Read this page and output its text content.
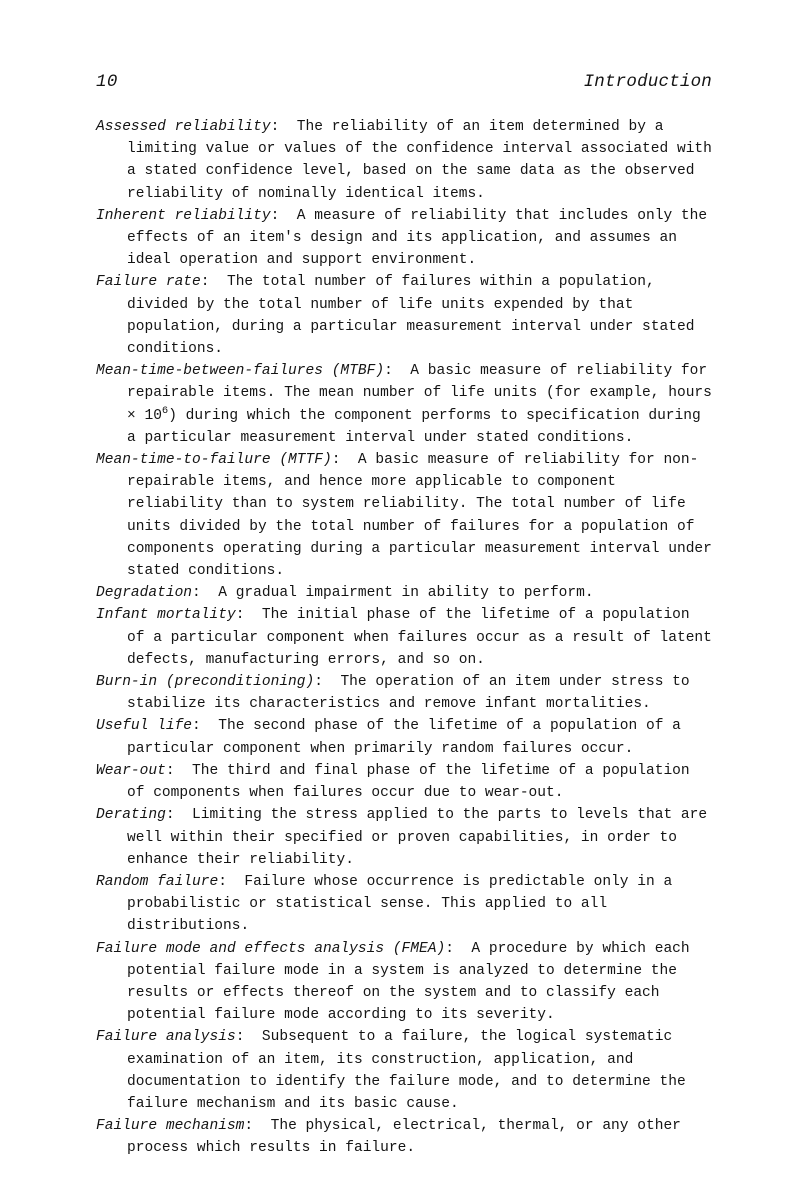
10	Introduction

Assessed reliability: The reliability of an item determined by a limiting value or values of the confidence interval associated with a stated confidence level, based on the same data as the observed reliability of nominally identical items.

Inherent reliability: A measure of reliability that includes only the effects of an item's design and its application, and assumes an ideal operation and support environment.

Failure rate: The total number of failures within a population, divided by the total number of life units expended by that population, during a particular measurement interval under stated conditions.

Mean-time-between-failures (MTBF): A basic measure of reliability for repairable items. The mean number of life units (for example, hours × $10^6$) during which the component performs to specification during a particular measurement interval under stated conditions.

Mean-time-to-failure (MTTF): A basic measure of reliability for non-repairable items, and hence more applicable to component reliability than to system reliability. The total number of life units divided by the total number of failures for a population of components operating during a particular measurement interval under stated conditions.

Degradation: A gradual impairment in ability to perform.

Infant mortality: The initial phase of the lifetime of a population of a particular component when failures occur as a result of latent defects, manufacturing errors, and so on.

Burn-in (preconditioning): The operation of an item under stress to stabilize its characteristics and remove infant mortalities.

Useful life: The second phase of the lifetime of a population of a particular component when primarily random failures occur.

Wear-out: The third and final phase of the lifetime of a population of components when failures occur due to wear-out.

Derating: Limiting the stress applied to the parts to levels that are well within their specified or proven capabilities, in order to enhance their reliability.

Random failure: Failure whose occurrence is predictable only in a probabilistic or statistical sense. This applied to all distributions.

Failure mode and effects analysis (FMEA): A procedure by which each potential failure mode in a system is analyzed to determine the results or effects thereof on the system and to classify each potential failure mode according to its severity.

Failure analysis: Subsequent to a failure, the logical systematic examination of an item, its construction, application, and documentation to identify the failure mode, and to determine the failure mechanism and its basic cause.

Failure mechanism: The physical, electrical, thermal, or any other process which results in failure.
